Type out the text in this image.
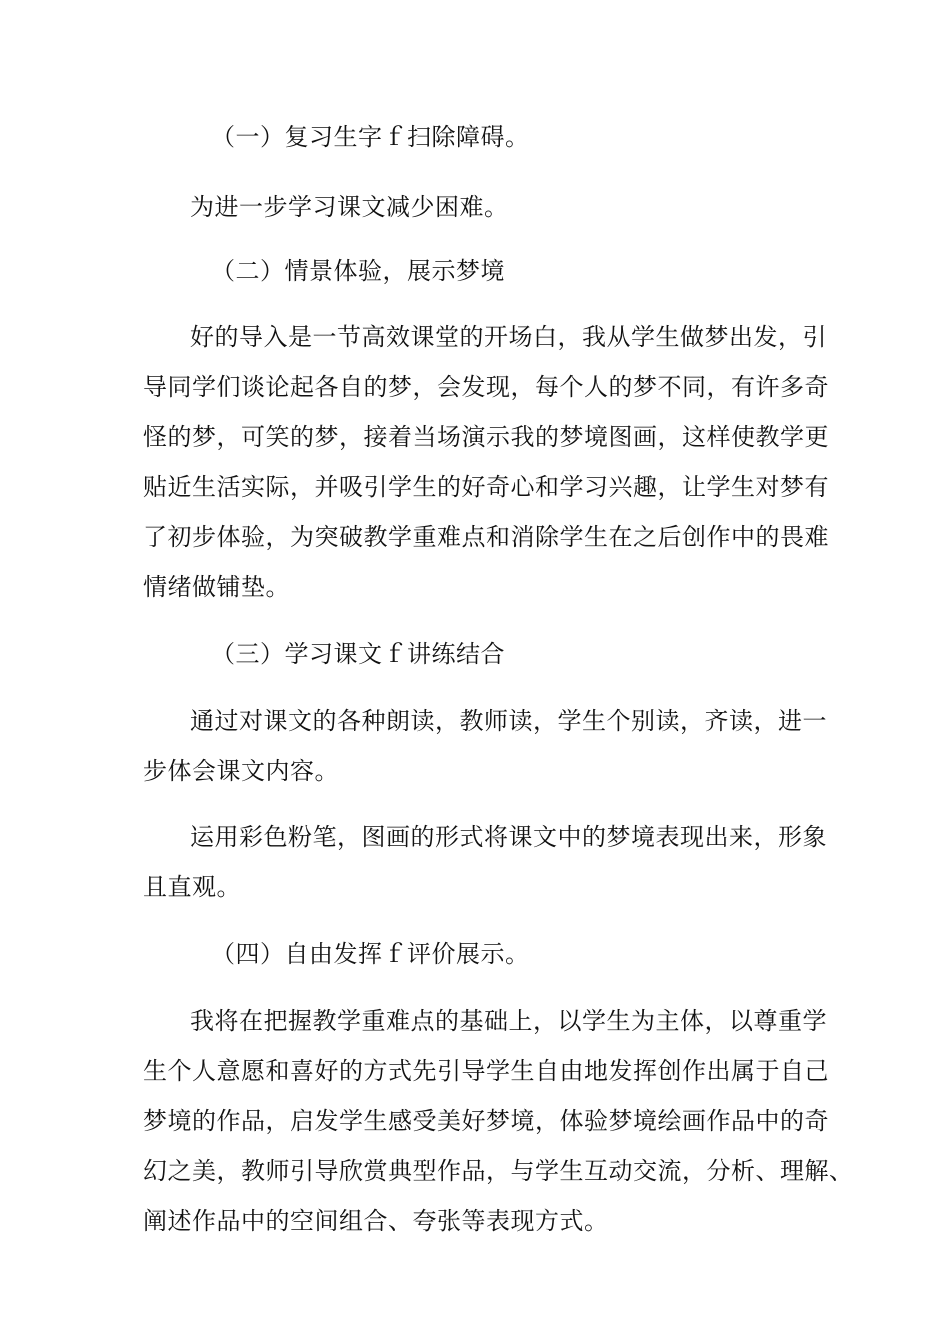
（一）复习生字ｆ扫除障碍。
为进一步学习课文减少困难。
（二）情景体验，展示梦境
好的导入是一节高效课堂的开场白，我从学生做梦出发，引
导同学们谈论起各自的梦，会发现，每个人的梦不同，有许多奇
怪的梦，可笑的梦，接着当场演示我的梦境图画，这样使教学更
贴近生活实际，并吸引学生的好奇心和学习兴趣，让学生对梦有
了初步体验，为突破教学重难点和消除学生在之后创作中的畏难
情绪做铺垫。
（三）学习课文ｆ讲练结合
通过对课文的各种朗读，教师读，学生个别读，齐读，进一
步体会课文内容。
运用彩色粉笔，图画的形式将课文中的梦境表现出来，形象
且直观。
（四）自由发挥ｆ评价展示。
我将在把握教学重难点的基础上，以学生为主体，以尊重学
生个人意愿和喜好的方式先引导学生自由地发挥创作出属于自己
梦境的作品，启发学生感受美好梦境，体验梦境绘画作品中的奇
幻之美，教师引导欣赏典型作品，与学生互动交流，分析、理解、
阐述作品中的空间组合、夸张等表现方式。
